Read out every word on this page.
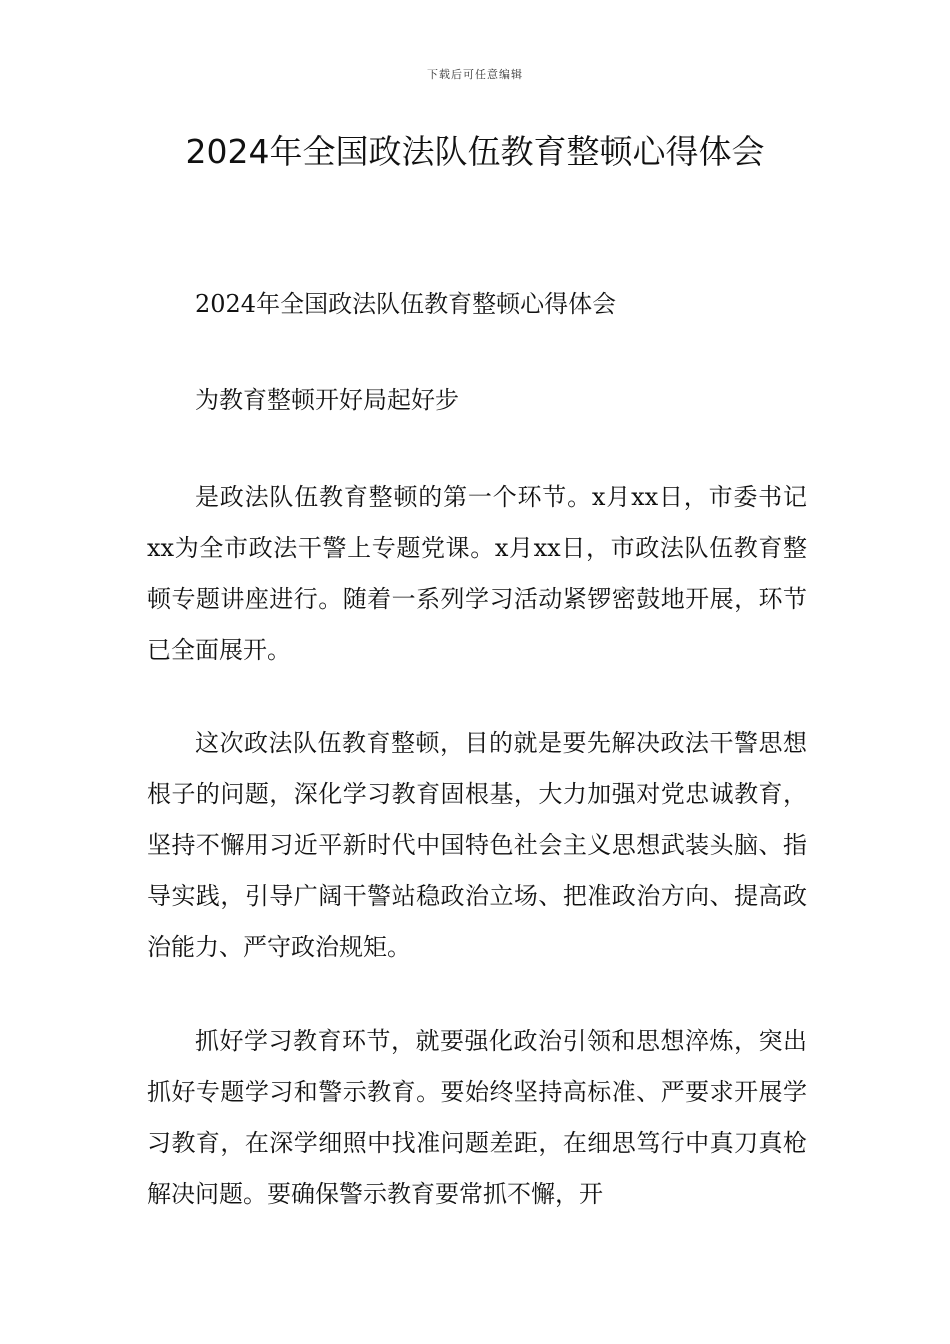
下载后可任意编辑
2024年全国政法队伍教育整顿心得体会

2024年全国政法队伍教育整顿心得体会

为教育整顿开好局起好步

是政法队伍教育整顿的第一个环节。x月xx日，市委书记xx为全市政法干警上专题党课。x月xx日，市政法队伍教育整顿专题讲座进行。随着一系列学习活动紧锣密鼓地开展，环节已全面展开。

这次政法队伍教育整顿，目的就是要先解决政法干警思想根子的问题，深化学习教育固根基，大力加强对党忠诚教育，坚持不懈用习近平新时代中国特色社会主义思想武装头脑、指导实践，引导广阔干警站稳政治立场、把准政治方向、提高政治能力、严守政治规矩。

抓好学习教育环节，就要强化政治引领和思想淬炼，突出抓好专题学习和警示教育。要始终坚持高标准、严要求开展学习教育，在深学细照中找准问题差距，在细思笃行中真刀真枪解决问题。要确保警示教育要常抓不懈，开
